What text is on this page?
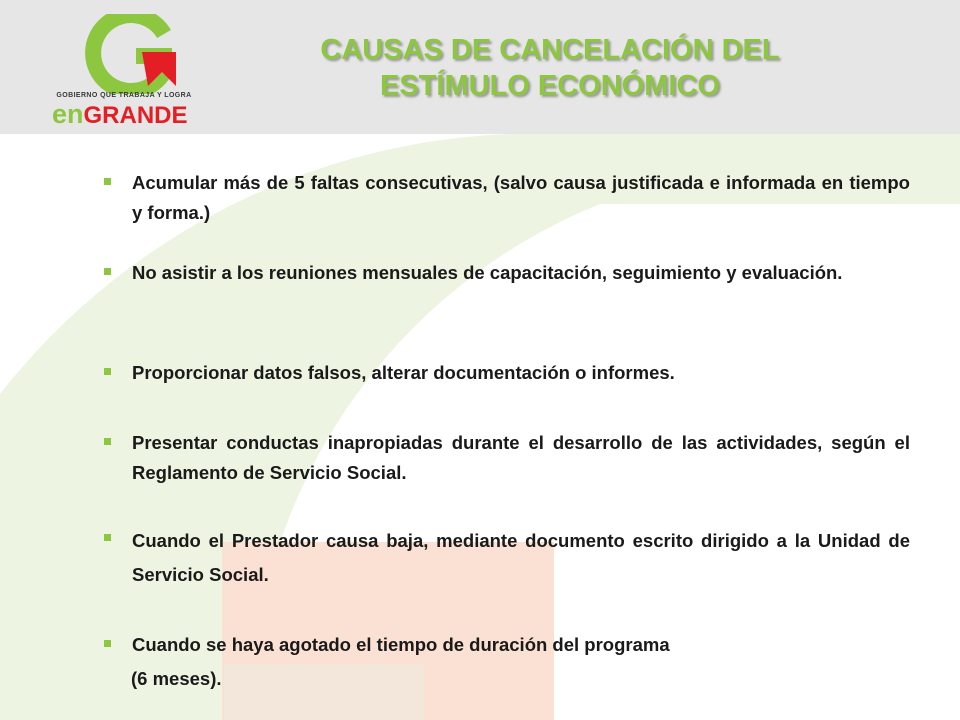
GOBIERNO QUE TRABAJA Y LOGRA
enGRANDE
CAUSAS DE CANCELACIÓN DEL
ESTÍMULO ECONÓMICO
Acumular más de 5 faltas consecutivas, (salvo causa justificada e informada en tiempo y forma.)
No asistir a los reuniones mensuales de capacitación, seguimiento y evaluación.
Proporcionar datos falsos, alterar documentación o informes.
Presentar conductas inapropiadas durante el desarrollo de las actividades, según el Reglamento de Servicio Social.
Cuando el Prestador causa baja, mediante documento escrito dirigido a la Unidad de Servicio Social.
Cuando se haya agotado el tiempo de duración del programa
(6 meses).
